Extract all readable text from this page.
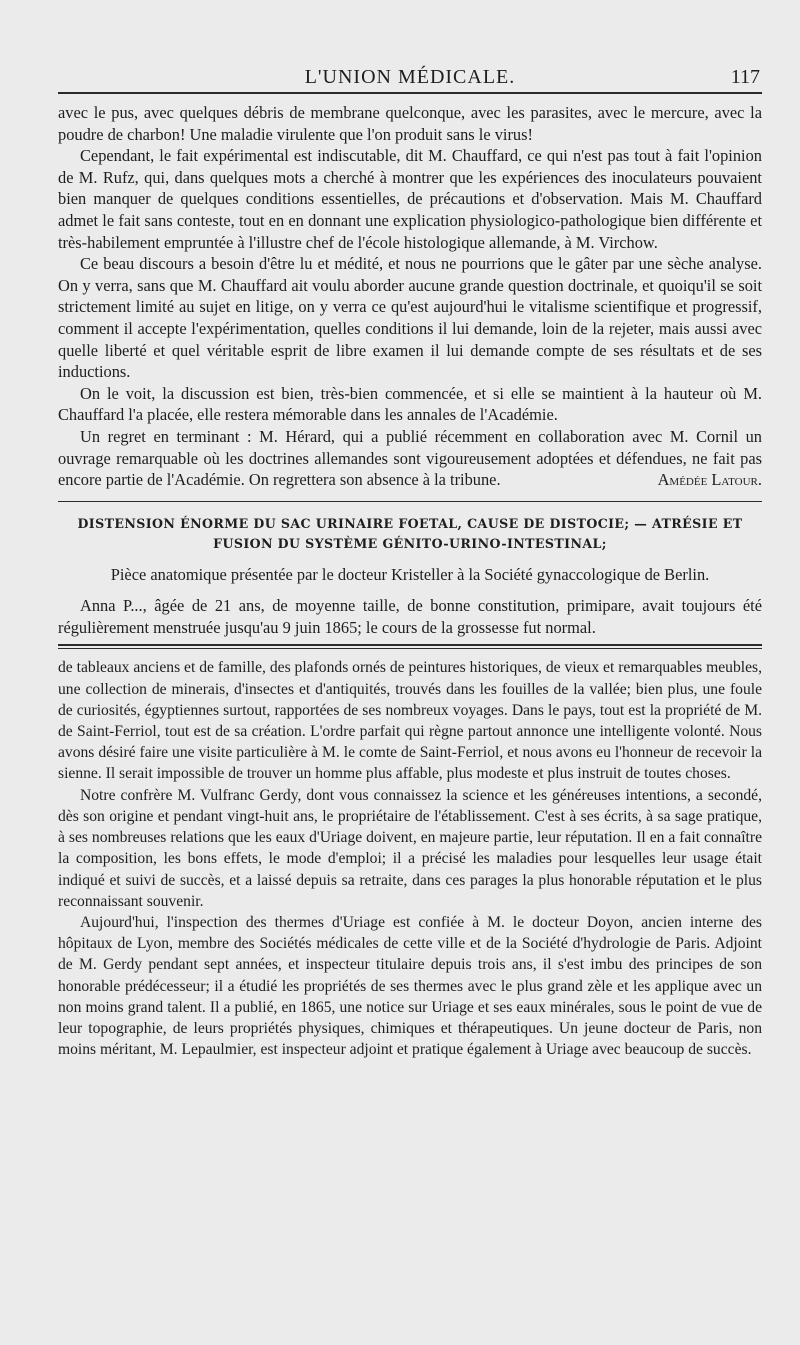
L'UNION MÉDICALE.	117

avec le pus, avec quelques débris de membrane quelconque, avec les parasites, avec le mercure, avec la poudre de charbon! Une maladie virulente que l'on produit sans le virus!

Cependant, le fait expérimental est indiscutable, dit M. Chauffard, ce qui n'est pas tout à fait l'opinion de M. Rufz, qui, dans quelques mots a cherché à montrer que les expériences des inoculateurs pouvaient bien manquer de quelques conditions essentielles, de précautions et d'observation. Mais M. Chauffard admet le fait sans conteste, tout en en donnant une explication physiologico-pathologique bien différente et très-habilement empruntée à l'illustre chef de l'école histologique allemande, à M. Virchow.

Ce beau discours a besoin d'être lu et médité, et nous ne pourrions que le gâter par une sèche analyse. On y verra, sans que M. Chauffard ait voulu aborder aucune grande question doctrinale, et quoiqu'il se soit strictement limité au sujet en litige, on y verra ce qu'est aujourd'hui le vitalisme scientifique et progressif, comment il accepte l'expérimentation, quelles conditions il lui demande, loin de la rejeter, mais aussi avec quelle liberté et quel véritable esprit de libre examen il lui demande compte de ses résultats et de ses inductions.

On le voit, la discussion est bien, très-bien commencée, et si elle se maintient à la hauteur où M. Chauffard l'a placée, elle restera mémorable dans les annales de l'Académie.

Un regret en terminant : M. Hérard, qui a publié récemment en collaboration avec M. Cornil un ouvrage remarquable où les doctrines allemandes sont vigoureusement adoptées et défendues, ne fait pas encore partie de l'Académie. On regrettera son absence à la tribune.	Amédée Latour.

DISTENSION ÉNORME DU SAC URINAIRE FOETAL, CAUSE DE DISTOCIE; — ATRÉSIE ET
FUSION DU SYSTÈME GÉNITO-URINO-INTESTINAL;

Pièce anatomique présentée par le docteur Kristeller à la Société gynaccologique de Berlin.

Anna P..., âgée de 21 ans, de moyenne taille, de bonne constitution, primipare, avait toujours été régulièrement menstruée jusqu'au 9 juin 1865; le cours de la grossesse fut normal.

de tableaux anciens et de famille, des plafonds ornés de peintures historiques, de vieux et remarquables meubles, une collection de minerais, d'insectes et d'antiquités, trouvés dans les fouilles de la vallée; bien plus, une foule de curiosités, égyptiennes surtout, rapportées de ses nombreux voyages. Dans le pays, tout est la propriété de M. de Saint-Ferriol, tout est de sa création. L'ordre parfait qui règne partout annonce une intelligente volonté. Nous avons désiré faire une visite particulière à M. le comte de Saint-Ferriol, et nous avons eu l'honneur de recevoir la sienne. Il serait impossible de trouver un homme plus affable, plus modeste et plus instruit de toutes choses.

Notre confrère M. Vulfranc Gerdy, dont vous connaissez la science et les généreuses intentions, a secondé, dès son origine et pendant vingt-huit ans, le propriétaire de l'établissement. C'est à ses écrits, à sa sage pratique, à ses nombreuses relations que les eaux d'Uriage doivent, en majeure partie, leur réputation. Il en a fait connaître la composition, les bons effets, le mode d'emploi; il a précisé les maladies pour lesquelles leur usage était indiqué et suivi de succès, et a laissé depuis sa retraite, dans ces parages la plus honorable réputation et le plus reconnaissant souvenir.

Aujourd'hui, l'inspection des thermes d'Uriage est confiée à M. le docteur Doyon, ancien interne des hôpitaux de Lyon, membre des Sociétés médicales de cette ville et de la Société d'hydrologie de Paris. Adjoint de M. Gerdy pendant sept années, et inspecteur titulaire depuis trois ans, il s'est imbu des principes de son honorable prédécesseur; il a étudié les propriétés de ses thermes avec le plus grand zèle et les applique avec un non moins grand talent. Il a publié, en 1865, une notice sur Uriage et ses eaux minérales, sous le point de vue de leur topographie, de leurs propriétés physiques, chimiques et thérapeutiques. Un jeune docteur de Paris, non moins méritant, M. Lepaulmier, est inspecteur adjoint et pratique également à Uriage avec beaucoup de succès.
